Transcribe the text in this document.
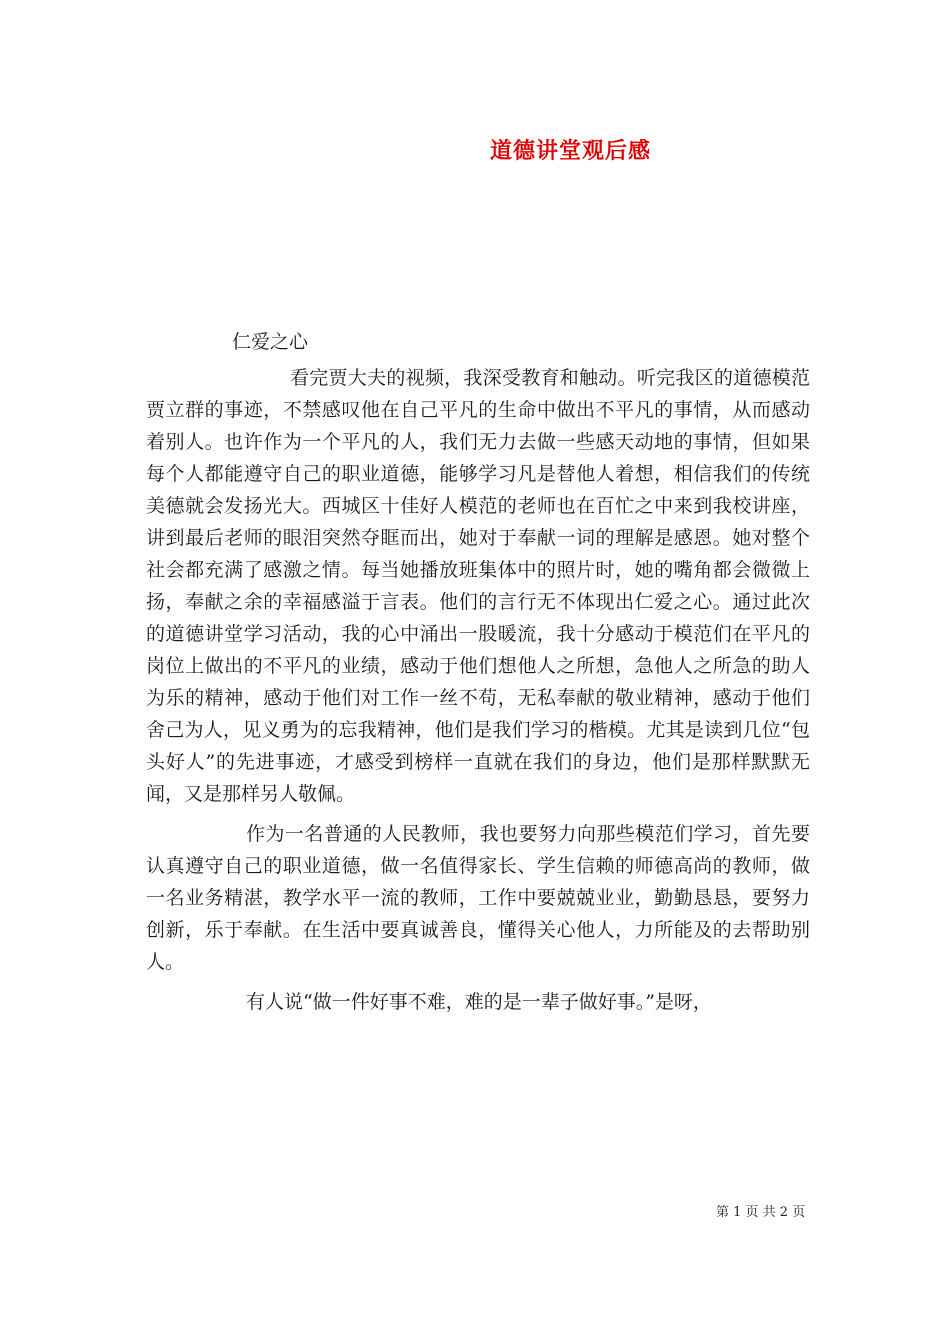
道德讲堂观后感
仁爱之心

看完贾大夫的视频，我深受教育和触动。听完我区的道德模范贾立群的事迹，不禁感叹他在自己平凡的生命中做出不平凡的事情，从而感动着别人。也许作为一个平凡的人，我们无力去做一些感天动地的事情，但如果每个人都能遵守自己的职业道德，能够学习凡是替他人着想，相信我们的传统美德就会发扬光大。西城区十佳好人模范的老师也在百忙之中来到我校讲座，讲到最后老师的眼泪突然夺眶而出，她对于奉献一词的理解是感恩。她对整个社会都充满了感激之情。每当她播放班集体中的照片时，她的嘴角都会微微上扬，奉献之余的幸福感溢于言表。他们的言行无不体现出仁爱之心。通过此次的道德讲堂学习活动，我的心中涌出一股暖流，我十分感动于模范们在平凡的岗位上做出的不平凡的业绩，感动于他们想他人之所想，急他人之所急的助人为乐的精神，感动于他们对工作一丝不苟，无私奉献的敬业精神，感动于他们舍己为人，见义勇为的忘我精神，他们是我们学习的楷模。尤其是读到几位“包头好人”的先进事迹，才感受到榜样一直就在我们的身边，他们是那样默默无闻，又是那样另人敬佩。

作为一名普通的人民教师，我也要努力向那些模范们学习，首先要认真遵守自己的职业道德，做一名值得家长、学生信赖的师德高尚的教师，做一名业务精湛，教学水平一流的教师，工作中要兢兢业业，勤勤恳恳，要努力创新，乐于奉献。在生活中要真诚善良，懂得关心他人，力所能及的去帮助别人。

有人说“做一件好事不难，难的是一辈子做好事。”是呀，

第 1 页 共 2 页
